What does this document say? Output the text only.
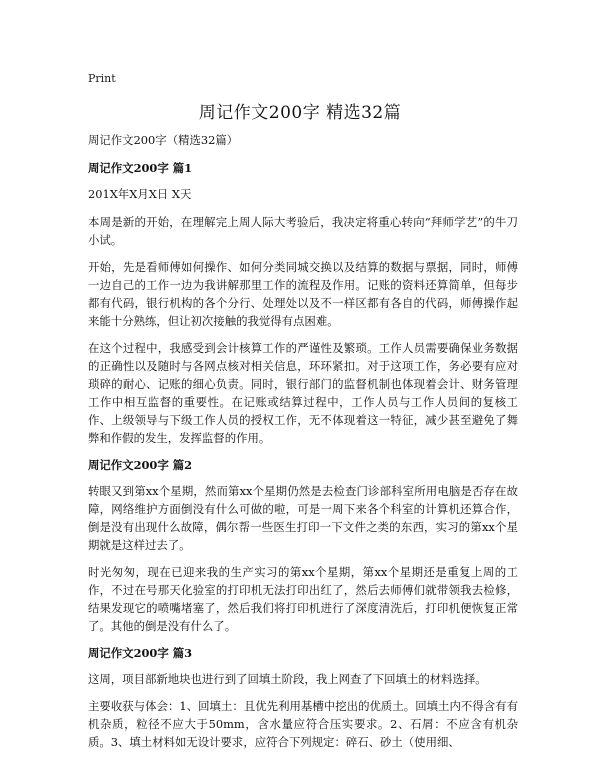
Print
周记作文200字 精选32篇

周记作文200字（精选32篇）

周记作文200字 篇1

201X年X月X日 X天

本周是新的开始，在理解完上周人际大考验后，我决定将重心转向“拜师学艺”的牛刀小试。

开始，先是看师傅如何操作、如何分类同城交换以及结算的数据与票据，同时，师傅一边自己的工作一边为我讲解那里工作的流程及作用。记账的资料还算简单，但每步都有代码，银行机构的各个分行、处理处以及不一样区都有各自的代码，师傅操作起来能十分熟练，但让初次接触的我觉得有点困难。

在这个过程中，我感受到会计核算工作的严谨性及繁琐。工作人员需要确保业务数据的正确性以及随时与各网点核对相关信息，环环紧扣。对于这项工作，务必要有应对琐碎的耐心、记账的细心负责。同时，银行部门的监督机制也体现着会计、财务管理工作中相互监督的重要性。在记账或结算过程中，工作人员与工作人员间的复核工作、上级领导与下级工作人员的授权工作，无不体现着这一特征，减少甚至避免了舞弊和作假的发生，发挥监督的作用。

周记作文200字 篇2

转眼又到第xx个星期，然而第xx个星期仍然是去检查门诊部科室所用电脑是否存在故障，网络维护方面倒没有什么可做的啦，可是一周下来各个科室的计算机还算合作，倒是没有出现什么故障，偶尔帮一些医生打印一下文件之类的东西，实习的第xx个星期就是这样过去了。

时光匆匆，现在已迎来我的生产实习的第xx个星期，第xx个星期还是重复上周的工作，不过在号那天化验室的打印机无法打印出红了，然后去师傅们就带领我去检修，结果发现它的喷嘴堵塞了，然后我们将打印机进行了深度清洗后，打印机便恢复正常了。其他的倒是没有什么了。

周记作文200字 篇3

这周，项目部新地块也进行到了回填土阶段，我上网查了下回填土的材料选择。

主要收获与体会：1、回填土：且优先利用基槽中挖出的优质土。回填土内不得含有有机杂质，粒径不应大于50mm，含水量应符合压实要求。2、石屑：不应含有机杂质。3、填土材料如无设计要求，应符合下列规定：碎石、砂土（使用细、
